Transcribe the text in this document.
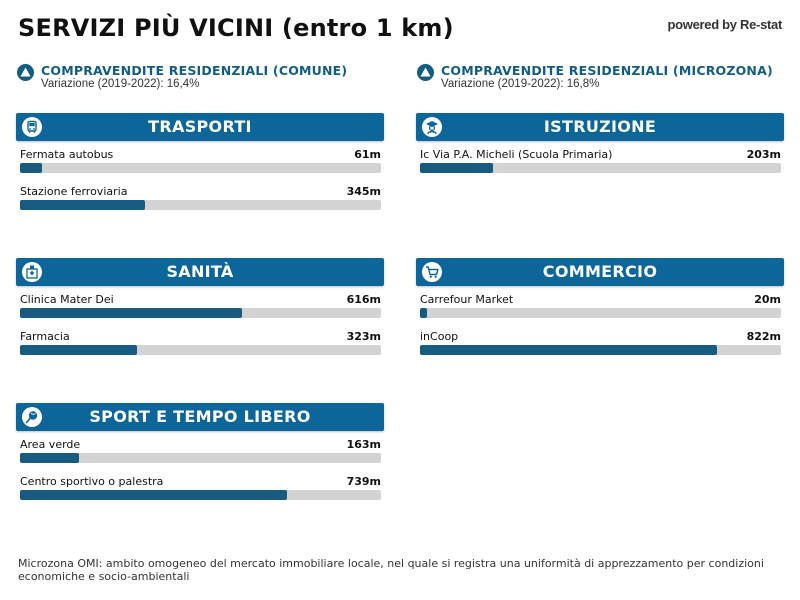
SERVIZI PIÙ VICINI (entro 1 km)	powered by Re-stat
COMPRAVENDITE RESIDENZIALI (COMUNE)
Variazione (2019-2022): 16,4%
COMPRAVENDITE RESIDENZIALI (MICROZONA)
Variazione (2019-2022): 16,8%
TRASPORTI
Fermata autobus	61m
Stazione ferroviaria	345m
ISTRUZIONE
Ic Via P.A. Micheli (Scuola Primaria)	203m
SANITÀ
Clinica Mater Dei	616m
Farmacia	323m
COMMERCIO
Carrefour Market	20m
inCoop	822m
SPORT E TEMPO LIBERO
Area verde	163m
Centro sportivo o palestra	739m
Microzona OMI: ambito omogeneo del mercato immobiliare locale, nel quale si registra una uniformità di apprezzamento per condizioni economiche e socio-ambientali
